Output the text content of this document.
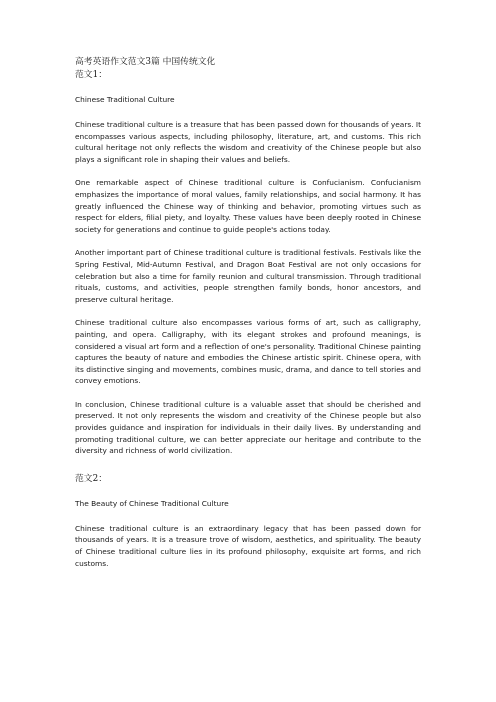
高考英语作文范文3篇 中国传统文化

范文1：

Chinese Traditional Culture

Chinese traditional culture is a treasure that has been passed down for thousands of years. It encompasses various aspects, including philosophy, literature, art, and customs. This rich cultural heritage not only reflects the wisdom and creativity of the Chinese people but also plays a significant role in shaping their values and beliefs.

One remarkable aspect of Chinese traditional culture is Confucianism. Confucianism emphasizes the importance of moral values, family relationships, and social harmony. It has greatly influenced the Chinese way of thinking and behavior, promoting virtues such as respect for elders, filial piety, and loyalty. These values have been deeply rooted in Chinese society for generations and continue to guide people's actions today.

Another important part of Chinese traditional culture is traditional festivals. Festivals like the Spring Festival, Mid-Autumn Festival, and Dragon Boat Festival are not only occasions for celebration but also a time for family reunion and cultural transmission. Through traditional rituals, customs, and activities, people strengthen family bonds, honor ancestors, and preserve cultural heritage.

Chinese traditional culture also encompasses various forms of art, such as calligraphy, painting, and opera. Calligraphy, with its elegant strokes and profound meanings, is considered a visual art form and a reflection of one's personality. Traditional Chinese painting captures the beauty of nature and embodies the Chinese artistic spirit. Chinese opera, with its distinctive singing and movements, combines music, drama, and dance to tell stories and convey emotions.

In conclusion, Chinese traditional culture is a valuable asset that should be cherished and preserved. It not only represents the wisdom and creativity of the Chinese people but also provides guidance and inspiration for individuals in their daily lives. By understanding and promoting traditional culture, we can better appreciate our heritage and contribute to the diversity and richness of world civilization.

范文2：

The Beauty of Chinese Traditional Culture

Chinese traditional culture is an extraordinary legacy that has been passed down for thousands of years. It is a treasure trove of wisdom, aesthetics, and spirituality. The beauty of Chinese traditional culture lies in its profound philosophy, exquisite art forms, and rich customs.
